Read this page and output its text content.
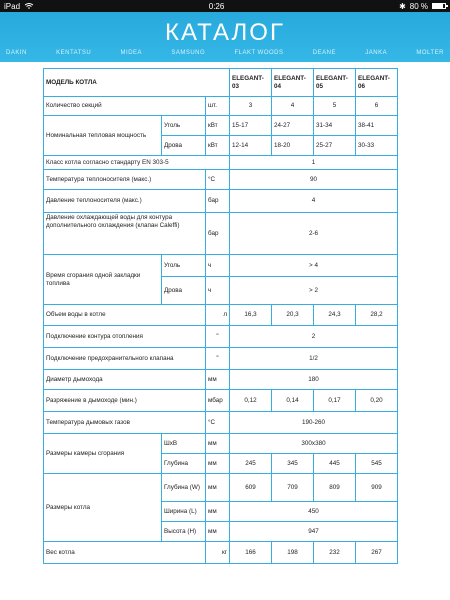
iPad	0:26	✱ 80 %
КАТАЛОГ
DAKIN	KENTATSU	MIDEA	SAMSUNG	FLAKT WOODS	DEANE	JANKA	MOLTER
МОДЕЛЬ КОТЛА			ELEGANT-03	ELEGANT-04	ELEGANT-05	ELEGANT-06
Количество секций		шт.	3	4	5	6
Номинальная тепловая мощность	Уголь	кВт	15-17	24-27	31-34	38-41
	Дрова	кВт	12-14	18-20	25-27	30-33
Класс котла согласно стандарту EN 303-5			1			
Температура теплоносителя (макс.)		°C	90			
Давление теплоносителя (макс.)		бар	4			
Давление охлаждающей воды для контура дополнительного охлаждения (клапан Caleffi)		бар	2-6			
Время сгорания одной закладки топлива	Уголь	ч	> 4			
	Дрова	ч	> 2			
Объем воды в котле		л	16,3	20,3	24,3	28,2
Подключение контура отопления		"	2			
Подключение предохранительного клапана		"	1/2			
Диаметр дымохода		мм	180			
Разряжение в дымоходе (мин.)		мбар	0,12	0,14	0,17	0,20
Температура дымовых газов		°C	190-260			
Размеры камеры сгорания	ШxВ	мм	300x380			
	Глубина	мм	245	345	445	545
Размеры котла	Глубина (W)	мм	609	709	809	909
	Ширина (L)	мм	450			
	Высота (H)	мм	947			
Вес котла		кг	166	198	232	267
